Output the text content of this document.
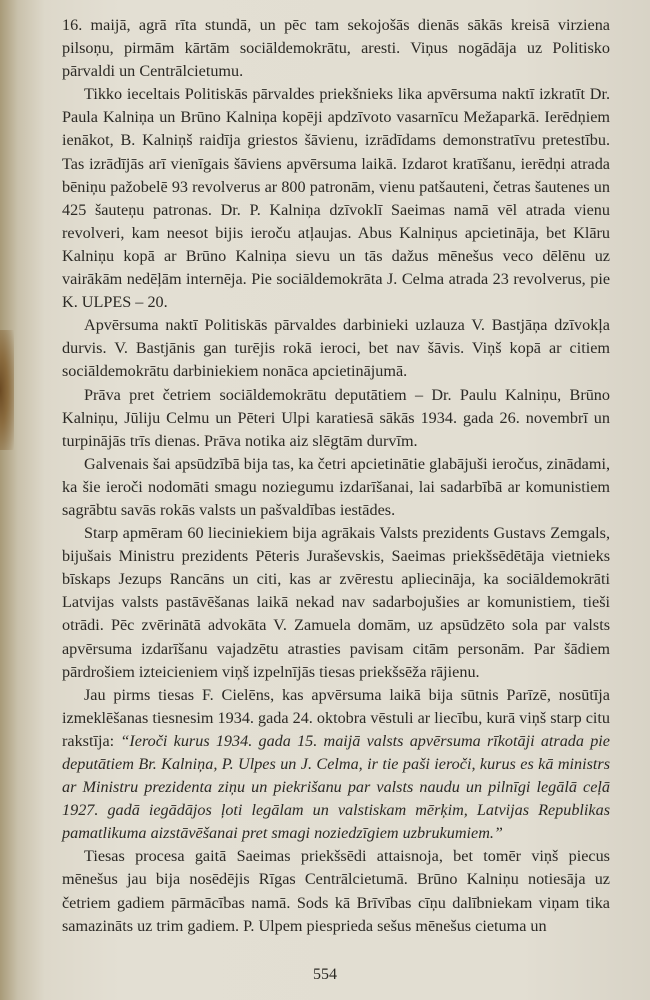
16. maijā, agrā rīta stundā, un pēc tam sekojošās dienās sākās kreisā virziena pilsoņu, pirmām kārtām sociāldemokrātu, aresti. Viņus nogādāja uz Politisko pārvaldi un Centrālcietumu.

Tikko ieceltais Politiskās pārvaldes priekšnieks lika apvērsuma naktī izkratīt Dr. Paula Kalniņa un Brūno Kalniņa kopēji apdzīvoto vasarnīcu Mežaparkā. Ierēdņiem ienākot, B. Kalniņš raidīja griestos šāvienu, izrādīdams demonstratīvu pretestību. Tas izrādījās arī vienīgais šāviens apvērsuma laikā. Izdarot kratīšanu, ierēdņi atrada bēniņu pažobelē 93 revolverus ar 800 patronām, vienu patšauteni, četras šautenes un 425 šauteņu patronas. Dr. P. Kalniņa dzīvoklī Saeimas namā vēl atrada vienu revolveri, kam neesot bijis ieroču atļaujas. Abus Kalniņus apcietināja, bet Klāru Kalniņu kopā ar Brūno Kalniņa sievu un tās dažus mēnešus veco dēlēnu uz vairākām nedēļām internēja. Pie sociāldemokrāta J. Celma atrada 23 revolverus, pie K. ULPES – 20.

Apvērsuma naktī Politiskās pārvaldes darbinieki uzlauza V. Bastjāņa dzīvokļa durvis. V. Bastjānis gan turējis rokā ieroci, bet nav šāvis. Viņš kopā ar citiem sociāldemokrātu darbiniekiem nonāca apcietinājumā.

Prāva pret četriem sociāldemokrātu deputātiem – Dr. Paulu Kalniņu, Brūno Kalniņu, Jūliju Celmu un Pēteri Ulpi karatiesā sākās 1934. gada 26. novembrī un turpinājās trīs dienas. Prāva notika aiz slēgtām durvīm.

Galvenais šai apsūdzībā bija tas, ka četri apcietinātie glabājuši ieročus, zinādami, ka šie ieroči nodomāti smagu noziegumu izdarīšanai, lai sadarbībā ar komunistiem sagrābtu savās rokās valsts un pašvaldības iestādes.

Starp apmēram 60 lieciniekiem bija agrākais Valsts prezidents Gustavs Zemgals, bijušais Ministru prezidents Pēteris Juraševskis, Saeimas priekšsēdētāja vietnieks bīskaps Jezups Rancāns un citi, kas ar zvērestu apliecināja, ka sociāldemokrāti Latvijas valsts pastāvēšanas laikā nekad nav sadarbojušies ar komunistiem, tieši otrādi. Pēc zvērinātā advokāta V. Zamuela domām, uz apsūdzēto sola par valsts apvērsuma izdarīšanu vajadzētu atrasties pavisam citām personām. Par šādiem pārdrošiem izteicieniem viņš izpelnījās tiesas priekšsēža rājienu.

Jau pirms tiesas F. Cielēns, kas apvērsuma laikā bija sūtnis Parīzē, nosūtīja izmeklēšanas tiesnesim 1934. gada 24. oktobra vēstuli ar liecību, kurā viņš starp citu rakstīja: “Ieroči kurus 1934. gada 15. maijā valsts apvērsuma rīkotāji atrada pie deputātiem Br. Kalniņa, P. Ulpes un J. Celma, ir tie paši ieroči, kurus es kā ministrs ar Ministru prezidenta ziņu un piekrišanu par valsts naudu un pilnīgi legālā ceļā 1927. gadā iegādājos ļoti legālam un valstiskam mērķim, Latvijas Republikas pamatlikuma aizstāvēšanai pret smagi noziedzīgiem uzbrukumiem.”

Tiesas procesa gaitā Saeimas priekšsēdi attaisnoja, bet tomēr viņš piecus mēnešus jau bija nosēdējis Rīgas Centrālcietumā. Brūno Kalniņu notiesāja uz četriem gadiem pārmācības namā. Sods kā Brīvības cīņu dalībniekam viņam tika samazināts uz trim gadiem. P. Ulpem piesprieda sešus mēnešus cietuma un

554
